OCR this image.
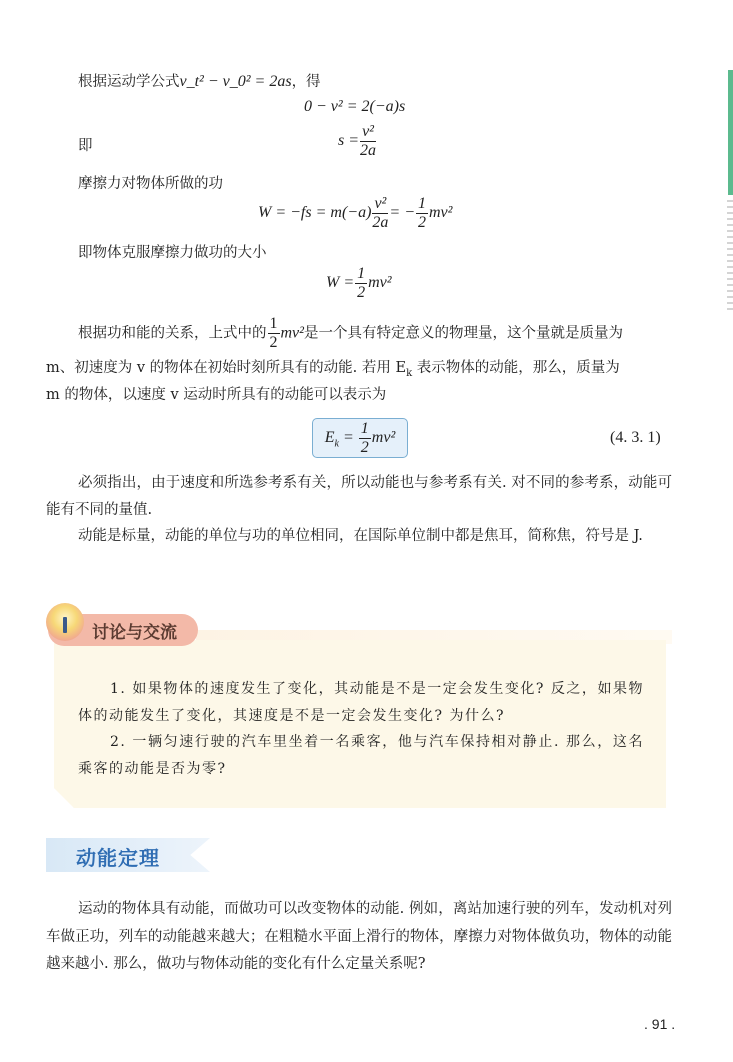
根据运动学公式v_t² − v_0² = 2as，得
0 − v² = 2(−a)s
即	$s = \frac{\text{v²}}{2a}$
摩擦力对物体所做的功
$W = -fs = m(-a) \frac{\text{v²}}{2a}$ = − $\frac{1}{2} mv^2$
即物体克服摩擦力做功的大小
$W = \frac{1}{2} mv^2$
根据功和能的关系，上式中的 $\frac{1}{2} mv^2$是一个具有特定意义的物理量，这个量就是质量为
m、初速度为 v 的物体在初始时刻所具有的动能. 若用 $E_k$ 表示物体的动能，那么，质量为
m 的物体，以速度 v 运动时所具有的动能可以表示为
$E_k = \frac{1}{2} mv^2$	(4. 3. 1)
必须指出，由于速度和所选参考系有关，所以动能也与参考系有关. 对不同的参考系，动能可能有不同的量值.
动能是标量，动能的单位与功的单位相同，在国际单位制中都是焦耳，简称焦，符号是 J.
讨论与交流
1. 如果物体的速度发生了变化，其动能是不是一定会发生变化? 反之，如果物体的动能发生了变化，其速度是不是一定会发生变化? 为什么?
2. 一辆匀速行驶的汽车里坐着一名乘客，他与汽车保持相对静止. 那么，这名乘客的动能是否为零?
动能定理
运动的物体具有动能，而做功可以改变物体的动能. 例如，离站加速行驶的列车，发动机对列车做正功，列车的动能越来越大；在粗糙水平面上滑行的物体，摩擦力对物体做负功，物体的动能越来越小. 那么，做功与物体动能的变化有什么定量关系呢?
. 91 .
